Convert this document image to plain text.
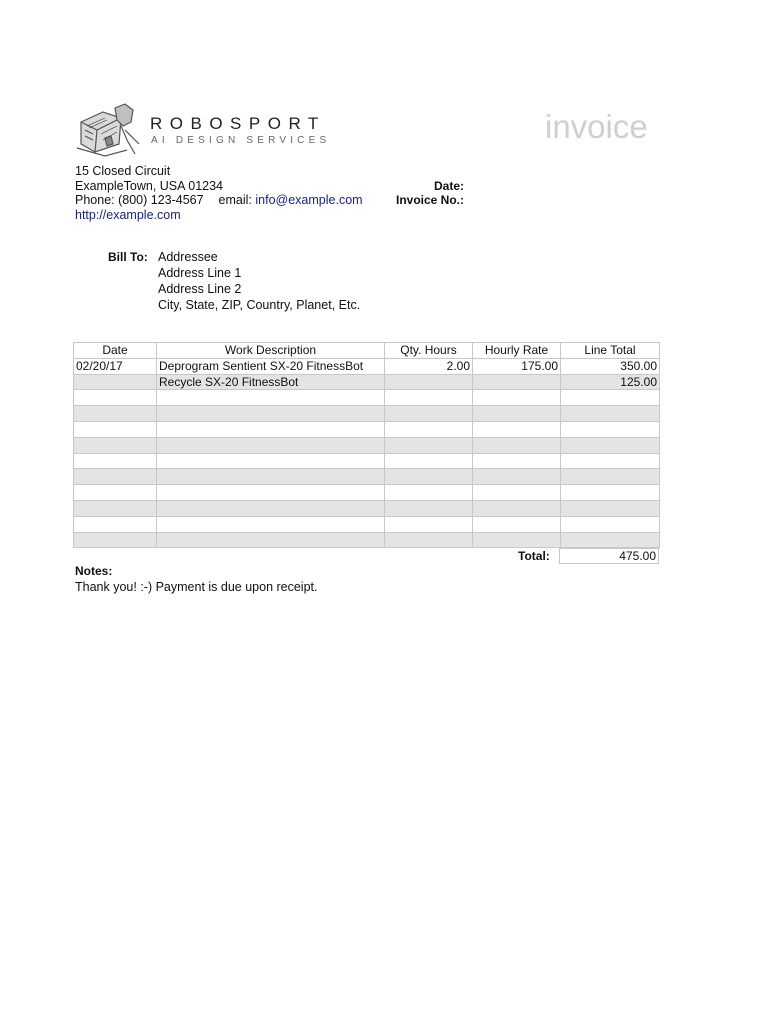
ROBOSPORT
AI DESIGN SERVICES	invoice
15 Closed Circuit
ExampleTown, USA 01234
Phone: (800) 123-4567 email: info@example.com
http://example.com
Date:
Invoice No.:
Bill To: Addressee
Address Line 1
Address Line 2
City, State, ZIP, Country, Planet, Etc.
Date	Work Description	Qty. Hours	Hourly Rate	Line Total
02/20/17	Deprogram Sentient SX-20 FitnessBot	2.00	175.00	350.00
	Recycle SX-20 FitnessBot			125.00

Total:	475.00
Notes:
Thank you! :-) Payment is due upon receipt.
